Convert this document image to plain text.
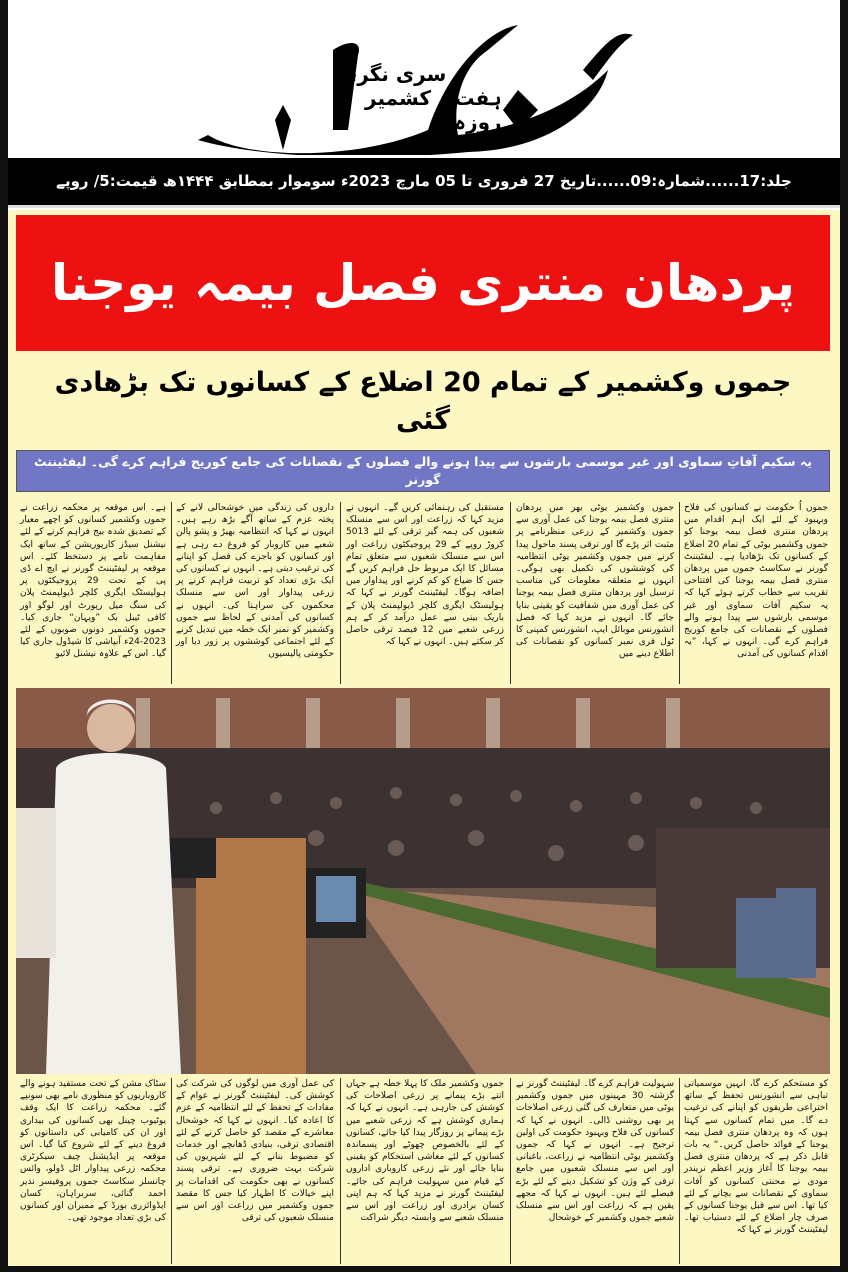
سری نگر، کشمیر	ہفت روزہ
جلد:17......شمارہ:09......تاریخ 27 فروری تا 05 مارچ 2023ء سوموار بمطابق ۱۴۴۴ھ قیمت:5/ روپے
پردھان منتری فصل بیمہ یوجنا
جموں وکشمیر کے تمام 20 اضلاع کے کسانوں تک بڑھادی گئی
یہ سکیم آفاتِ سماوی اور غیر موسمی بارشوں سے پیدا ہونے والے فصلوں کے نقصانات کی جامع کوریج فراہم کرے گی۔ لیفٹیننٹ گورنر
جموں اُ حکومت نے کسانوں کی فلاح وبہبود کے لئے ایک اہم اقدام میں پردھان منتری فصل بیمہ یوجنا کو جموں وکشمیر یوٹی کے تمام 20 اضلاع کے کسانوں تک بڑھادیا ہے۔ لیفٹیننٹ گورنر نے سکاسٹ جموں میں پردھان منتری فصل بیمہ یوجنا کی افتتاحی تقریب سے خطاب کرتے ہوئے کہا کہ یہ سکیم آفات سماوی اور غیر موسمی بارشوں سے پیدا ہونے والے فصلوں کے نقصانات کی جامع کوریج فراہم کرے گی۔ انہوں نے کہا، ”یہ اقدام کسانوں کی آمدنی
جموں وکشمیر یوٹی بھر میں پردھان منتری فصل بیمہ یوجنا کی عمل آوری سے جموں وکشمیر کے زرعی منظرنامے پر مثبت اثر پڑے گا اور ترقی پسند ماحول پیدا کرنے میں جموں وکشمیر یوٹی انتظامیہ کی کوششوں کی تکمیل بھی ہوگی۔ انہوں نے متعلقہ معلومات کی مناسب ترسیل اور پردھان منتری فصل بیمہ یوجنا کی عمل آوری میں شفافیت کو یقینی بنایا جائے گا۔ انہوں نے مزید کہا کہ فصل انشورنس موبائل ایپ، انشورنس کمپنی کا ٹول فری نمبر کسانوں کو نقصانات کی اطلاع دینے میں
مستقبل کی رہنمائی کریں گے۔ انہوں نے مزید کہا کہ زراعت اور اس سے منسلک شعبوں کی ہمہ گیر ترقی کے لئے 5013 کروڑ روپے کے 29 پروجیکٹوں زراعت اور اس سے منسلک شعبوں سے متعلق تمام مسائل کا ایک مربوط حل فراہم کریں گے جس کا ضیاع کو کم کرنے اور پیداوار میں اضافہ ہوگا۔ لیفٹیننٹ گورنر نے کہا کہ ہولیسٹک ایگری کلچر ڈیولپمنٹ پلان کے باریک بینی سے عمل درآمد کر کے ہم زرعی شعبے میں 12 فیصد ترقی حاصل کر سکتے ہیں۔ انہوں نے کہا کہ
داروں کی زندگی میں خوشحالی لانے کے پختہ عزم کے ساتھ آگے بڑھ رہے ہیں۔ انہوں نے کہا کہ انتظامیہ بھیڑ و پشو پالن شعبے میں کاروبار کو فروغ دے رہی ہے اور کسانوں کو باجرے کی فصل کو اپنانے کی ترغیب دیتی ہے۔ انہوں نے کسانوں کی ایک بڑی تعداد کو تربیت فراہم کرنے پر زرعی پیداوار اور اس سے منسلک محکموں کی سراہنا کی۔ انہوں نے کسانوں کی آمدنی کے لحاظ سے جموں وکشمیر کو نمبر ایک خطہ میں تبدیل کرنے کے لئے اجتماعی کوششوں پر زور دیا اور حکومتی پالیسیوں
ہے۔ اس موقعہ پر محکمہ زراعت نے جموں وکشمیر کسانوں کو اچھے معیار کے تصدیق شدہ بیج فراہم کرنے کے لئے نیشنل سیڈز کارپوریشن کے ساتھ ایک مفاہمت نامے پر دستخط کئے۔ اس موقعہ پر لیفٹیننٹ گورنر نے ایچ اے ڈی پی کے تحت 29 پروجیکٹوں پر ہولیسٹک ایگری کلچر ڈیولپمنٹ پلان کی سنگ میل رپورٹ اور لوگو اور کافی ٹیبل بک ”ویہان“ جاری کیا۔ جموں وکشمیر دونوں صوبوں کے لئے 2023-24ء آبپاشی کا شیڈول جاری کیا گیا۔ اس کے علاوہ نیشنل لائیو
کو مستحکم کرے گا، انہیں موسمیاتی تباہی سے انشورنس تحفظ کے ساتھ اختراعی طریقوں کو اپنانے کی ترغیب دے گا۔ میں تمام کسانوں سے کہتا ہوں کہ وہ پردھان منتری فصل بیمہ یوجنا کے فوائد حاصل کریں۔“ یہ بات قابل ذکر ہے کہ پردھان منتری فصل بیمہ یوجنا کا آغاز وزیر اعظم نریندر مودی نے محنتی کسانوں کو آفات سماوی کے نقصانات سے بچانے کے لئے کیا تھا۔ اس سے قبل یوجنا کسانوں کے صرف چار اضلاع کے لئے دستیاب تھا۔ لیفٹیننٹ گورنر نے کہا کہ
سہولیت فراہم کرے گا۔ لیفٹیننٹ گورنر نے گزشتہ 30 مہینوں میں جموں وکشمیر یوٹی میں متعارف کی گئی زرعی اصلاحات پر بھی روشنی ڈالی۔ انہوں نے کہا کہ کسانوں کی فلاح وبہبود حکومت کی اولین ترجیح ہے۔ انہوں نے کہا کہ جموں وکشمیر یوٹی انتظامیہ نے زراعت، باغبانی اور اس سے منسلک شعبوں میں جامع ترقی کے وژن کو تشکیل دینے کے لئے بڑے فیصلے لئے ہیں۔ انہوں نے کہا کہ مجھے یقین ہے کہ زراعت اور اس سے منسلک شعبے جموں وکشمیر کے خوشحال
جموں وکشمیر ملک کا پہلا خطہ ہے جہاں اتنے بڑے پیمانے پر زرعی اصلاحات کی کوشش کی جارہی ہے۔ انہوں نے کہا کہ ہماری کوشش ہے کہ زرعی شعبے میں بڑے پیمانے پر روزگار پیدا کیا جائے، کسانوں کے لئے بالخصوص چھوٹے اور پسماندہ کسانوں کے لئے معاشی استحکام کو یقینی بنایا جائے اور نئے زرعی کاروباری اداروں کے قیام میں سہولیت فراہم کی جائے۔ لیفٹیننٹ گورنر نے مزید کہا کہ ہم اپنی کسان برادری اور زراعت اور اس سے منسلک شعبے سے وابستہ دیگر شراکت
کی عمل آوری میں لوگوں کی شرکت کی کوشش کی۔ لیفٹیننٹ گورنر نے عوام کے مفادات کے تحفظ کے لئے انتظامیہ کے عزم کا اعادہ کیا۔ انہوں نے کہا کہ خوشحال معاشرے کے مقصد کو حاصل کرنے کے لئے اقتصادی ترقی، بنیادی ڈھانچے اور خدمات کو مضبوط بنانے کے لئے شہریوں کی شرکت بہت ضروری ہے۔ ترقی پسند کسانوں نے بھی حکومت کی اقدامات پر اپنے خیالات کا اظہار کیا جس کا مقصد جموں وکشمیر میں زراعت اور اس سے منسلک شعبوں کی ترقی
سٹاک مشن کے تحت مستفید ہونے والے کاروباریوں کو منظوری نامے بھی سونپے گئے۔ محکمہ زراعت کا ایک وقف یوٹیوب چینل بھی کسانوں کی بیداری اور ان کی کامیابی کی داستانوں کو فروغ دینے کے لئے شروع کیا گیا۔ اس موقعہ پر ایڈیشنل چیف سیکرٹری محکمہ زرعی پیداوار اٹل ڈولو، وائس چانسلر سکاسٹ جموں پروفیسر نذیر احمد گنائی، سربراہان، کسان ایڈوائزری بورڈ کے ممبران اور کسانوں کی بڑی تعداد موجود تھی۔
